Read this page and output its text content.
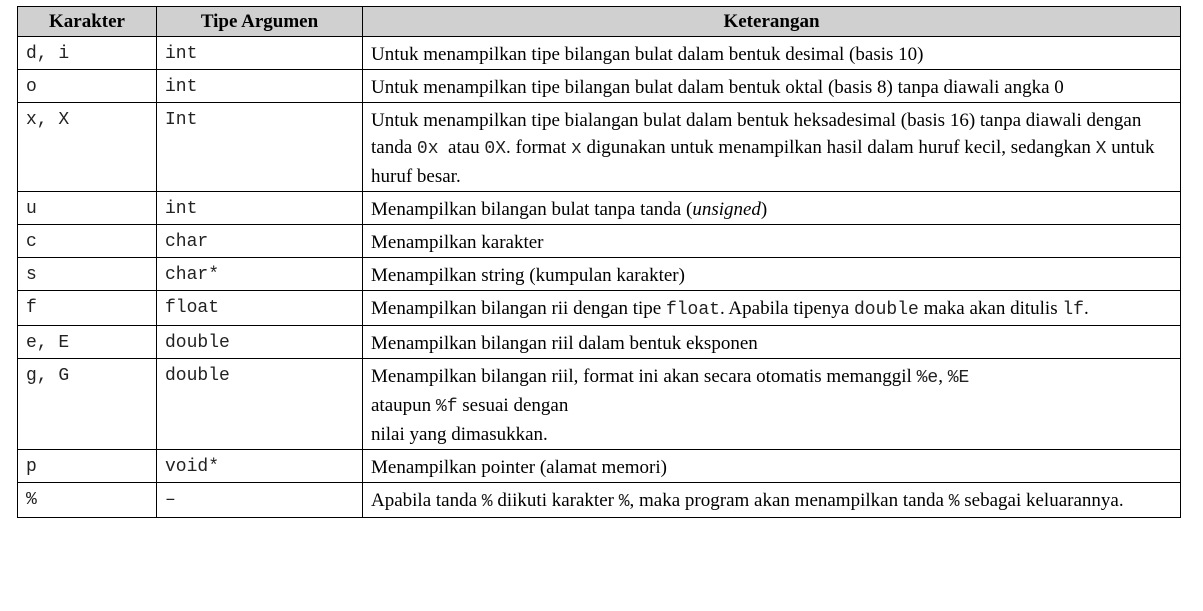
Karakter	Tipe Argumen	Keterangan
d, i	int	Untuk menampilkan tipe bilangan bulat dalam bentuk desimal (basis 10)
o	int	Untuk menampilkan tipe bilangan bulat dalam bentuk oktal (basis 8) tanpa diawali angka 0
x, X	Int	Untuk menampilkan tipe bialangan bulat dalam bentuk heksadesimal (basis 16) tanpa diawali dengan tanda 0x  atau 0X. format x digunakan untuk menampilkan hasil dalam huruf kecil, sedangkan X untuk huruf besar.
u	int	Menampilkan bilangan bulat tanpa tanda (unsigned)
c	char	Menampilkan karakter
s	char*	Menampilkan string (kumpulan karakter)
f	float	Menampilkan bilangan rii dengan tipe float. Apabila tipenya double maka akan ditulis lf.
e, E	double	Menampilkan bilangan riil dalam bentuk eksponen
g, G	double	Menampilkan bilangan riil, format ini akan secara otomatis memanggil %e, %E
ataupun %f sesuai dengan
nilai yang dimasukkan.
p	void*	Menampilkan pointer (alamat memori)
%	–	Apabila tanda % diikuti karakter %, maka program akan menampilkan tanda % sebagai keluarannya.
